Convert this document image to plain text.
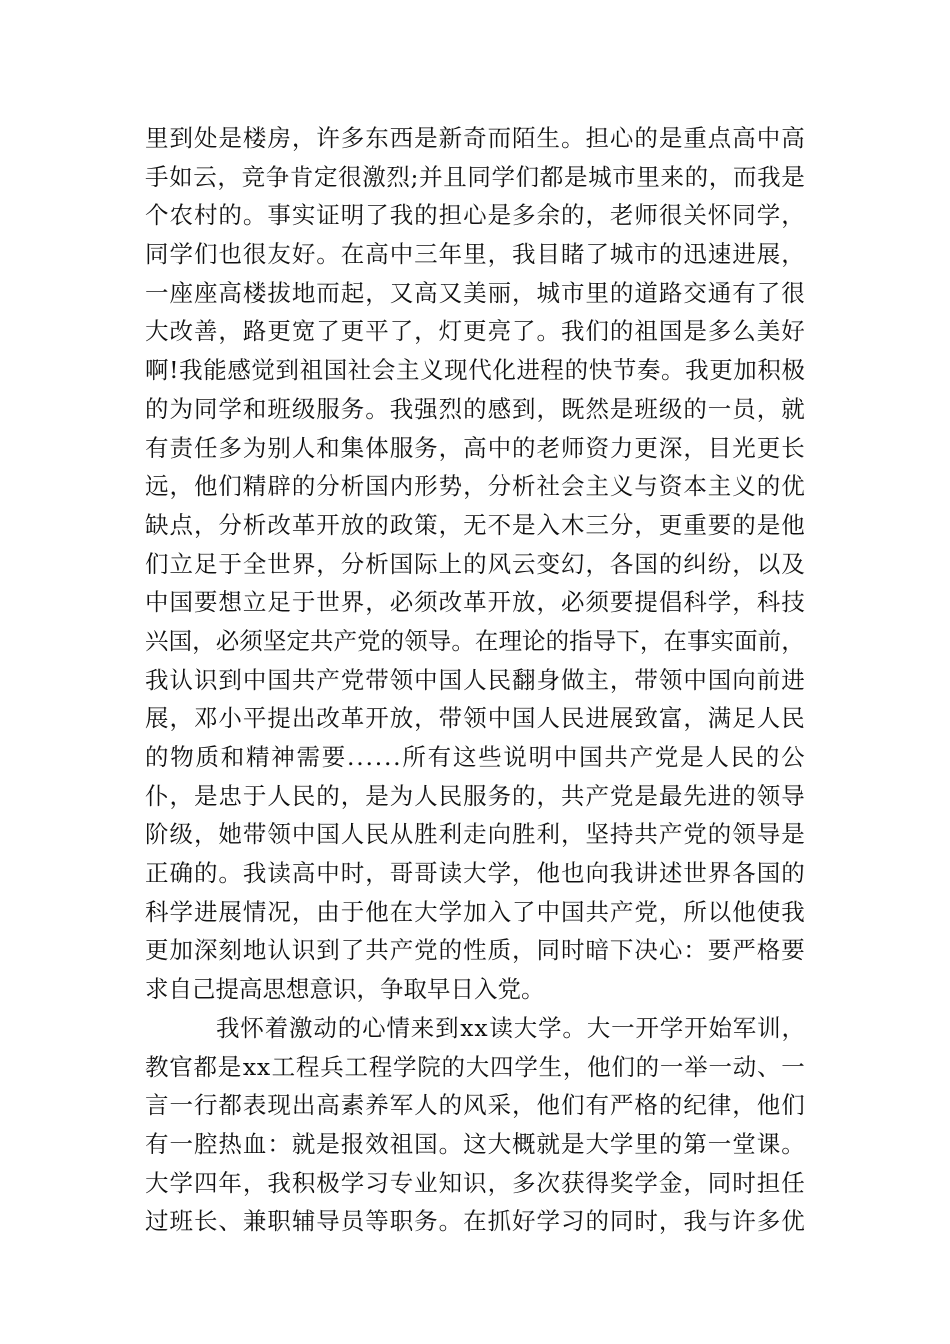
里 到 处 是 楼 房 ， 许 多 东 西 是 新 奇 而 陌 生 。 担 心 的 是 重 点 高 中 高
手 如 云 ， 竞 争 肯 定 很 激 烈 ; 并 且 同 学 们 都 是 城 市 里 来 的 ， 而 我 是
个 农 村 的 。 事 实 证 明 了 我 的 担 心 是 多 余 的 ， 老 师 很 关 怀 同 学 ，
同 学 们 也 很 友 好 。 在 高 中 三 年 里 ， 我 目 睹 了 城 市 的 迅 速 进 展 ，
一 座 座 高 楼 拔 地 而 起 ， 又 高 又 美 丽 ， 城 市 里 的 道 路 交 通 有 了 很
大 改 善 ， 路 更 宽 了 更 平 了 ， 灯 更 亮 了 。 我 们 的 祖 国 是 多 么 美 好
啊 ! 我 能 感 觉 到 祖 国 社 会 主 义 现 代 化 进 程 的 快 节 奏 。 我 更 加 积 极
的 为 同 学 和 班 级 服 务 。 我 强 烈 的 感 到 ， 既 然 是 班 级 的 一 员 ， 就
有 责 任 多 为 别 人 和 集 体 服 务 ， 高 中 的 老 师 资 力 更 深 ， 目 光 更 长
远 ， 他 们 精 辟 的 分 析 国 内 形 势 ， 分 析 社 会 主 义 与 资 本 主 义 的 优
缺 点 ， 分 析 改 革 开 放 的 政 策 ， 无 不 是 入 木 三 分 ， 更 重 要 的 是 他
们 立 足 于 全 世 界 ， 分 析 国 际 上 的 风 云 变 幻 ， 各 国 的 纠 纷 ， 以 及
中 国 要 想 立 足 于 世 界 ， 必 须 改 革 开 放 ， 必 须 要 提 倡 科 学 ， 科 技
兴 国 ， 必 须 坚 定 共 产 党 的 领 导 。 在 理 论 的 指 导 下 ， 在 事 实 面 前 ，
我 认 识 到 中 国 共 产 党 带 领 中 国 人 民 翻 身 做 主 ， 带 领 中 国 向 前 进
展 ， 邓 小 平 提 出 改 革 开 放 ， 带 领 中 国 人 民 进 展 致 富 ， 满 足 人 民
的 物 质 和 精 神 需 要 . . . . . . 所 有 这 些 说 明 中 国 共 产 党 是 人 民 的 公
仆 ， 是 忠 于 人 民 的 ， 是 为 人 民 服 务 的 ， 共 产 党 是 最 先 进 的 领 导
阶 级 ， 她 带 领 中 国 人 民 从 胜 利 走 向 胜 利 ， 坚 持 共 产 党 的 领 导 是
正 确 的 。 我 读 高 中 时 ， 哥 哥 读 大 学 ， 他 也 向 我 讲 述 世 界 各 国 的
科 学 进 展 情 况 ， 由 于 他 在 大 学 加 入 了 中 国 共 产 党 ， 所 以 他 使 我
更 加 深 刻 地 认 识 到 了 共 产 党 的 性 质 ， 同 时 暗 下 决 心 ： 要 严 格 要
求自己提高思想意识，争取早日入党。
我 怀 着 激 动 的 心 情 来 到 x x 读 大 学 。 大 一 开 学 开 始 军 训 ，
教 官 都 是 x x 工 程 兵 工 程 学 院 的 大 四 学 生 ， 他 们 的 一 举 一 动 、 一
言 一 行 都 表 现 出 高 素 养 军 人 的 风 采 ， 他 们 有 严 格 的 纪 律 ， 他 们
有 一 腔 热 血 ： 就 是 报 效 祖 国 。 这 大 概 就 是 大 学 里 的 第 一 堂 课 。
大 学 四 年 ， 我 积 极 学 习 专 业 知 识 ， 多 次 获 得 奖 学 金 ， 同 时 担 任
过 班 长 、 兼 职 辅 导 员 等 职 务 。 在 抓 好 学 习 的 同 时 ， 我 与 许 多 优
